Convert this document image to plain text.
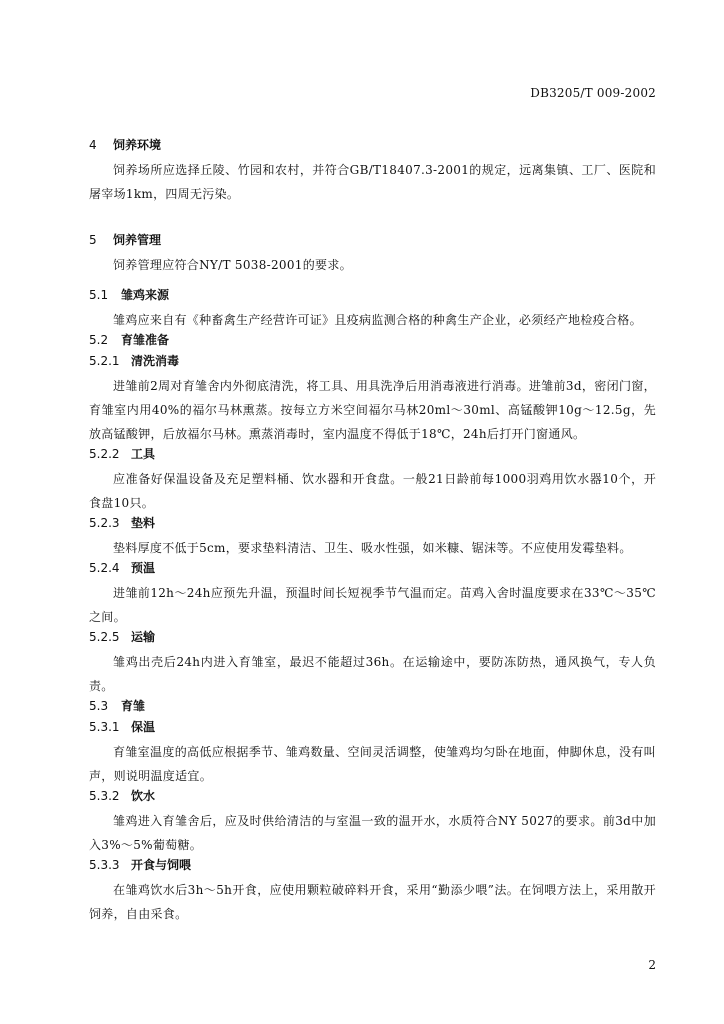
DB3205/T 009-2002
4 饲养环境

饲养场所应选择丘陵、竹园和农村，并符合GB/T18407.3-2001的规定，远离集镇、工厂、医院和屠宰场1km，四周无污染。

5 饲养管理

饲养管理应符合NY/T 5038-2001的要求。

5.1 雏鸡来源

雏鸡应来自有《种畜禽生产经营许可证》且疫病监测合格的种禽生产企业，必须经产地检疫合格。

5.2 育雏准备
5.2.1 清洗消毒

进雏前2周对育雏舍内外彻底清洗，将工具、用具洗净后用消毒液进行消毒。进雏前3d，密闭门窗，育雏室内用40%的福尔马林熏蒸。按每立方米空间福尔马林20ml～30ml、高锰酸钾10g～12.5g，先放高锰酸钾，后放福尔马林。熏蒸消毒时，室内温度不得低于18℃，24h后打开门窗通风。

5.2.2 工具

应准备好保温设备及充足塑料桶、饮水器和开食盘。一般21日龄前每1000羽鸡用饮水器10个，开食盘10只。

5.2.3 垫料

垫料厚度不低于5cm，要求垫料清洁、卫生、吸水性强，如米糠、锯沫等。不应使用发霉垫料。

5.2.4 预温

进雏前12h～24h应预先升温，预温时间长短视季节气温而定。苗鸡入舍时温度要求在33℃～35℃之间。

5.2.5 运输

雏鸡出壳后24h内进入育雏室，最迟不能超过36h。在运输途中，要防冻防热，通风换气，专人负责。

5.3 育雏
5.3.1 保温

育雏室温度的高低应根据季节、雏鸡数量、空间灵活调整，使雏鸡均匀卧在地面，伸脚休息，没有叫声，则说明温度适宜。

5.3.2 饮水

雏鸡进入育雏舍后，应及时供给清洁的与室温一致的温开水，水质符合NY 5027的要求。前3d中加入3%～5%葡萄糖。

5.3.3 开食与饲喂

在雏鸡饮水后3h～5h开食，应使用颗粒破碎料开食，采用“勤添少喂”法。在饲喂方法上，采用散开饲养，自由采食。

2
